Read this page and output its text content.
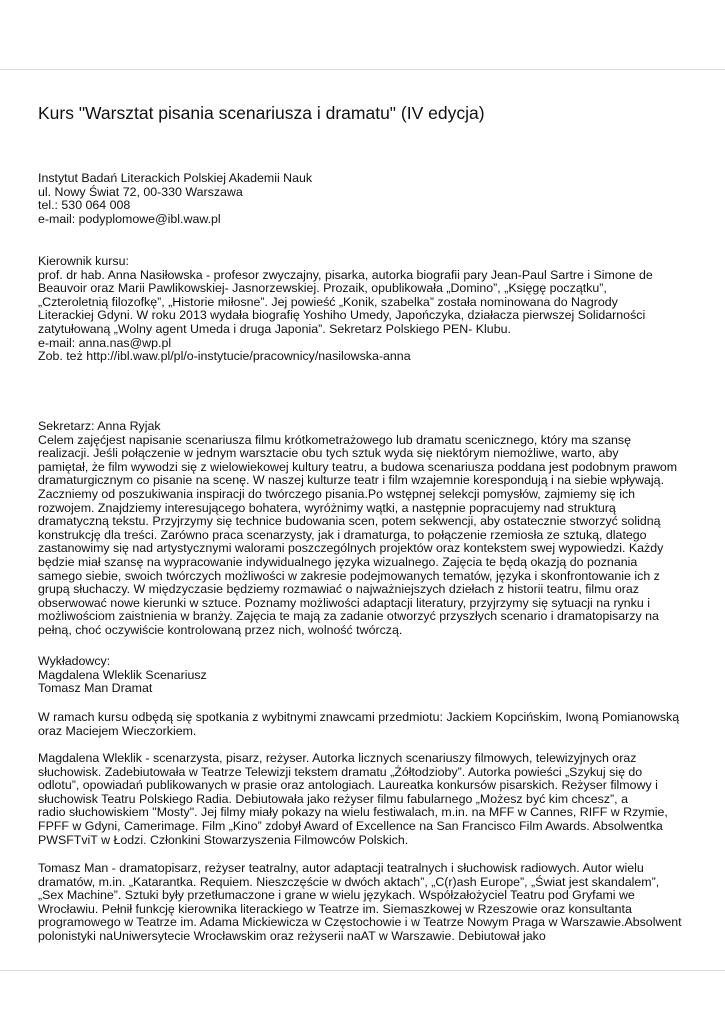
Kurs "Warsztat pisania scenariusza i dramatu" (IV edycja)

Instytut Badań Literackich Polskiej Akademii Nauk

ul. Nowy Świat 72, 00-330 Warszawa

tel.: 530 064 008

e-mail: podyplomowe@ibl.waw.pl

Kierownik kursu:

prof. dr hab. Anna Nasiłowska - profesor zwyczajny, pisarka, autorka biografii pary Jean-Paul Sartre i Simone de

Beauvoir oraz Marii Pawlikowskiej- Jasnorzewskiej. Prozaik, opublikowała „Domino”, „Księgę początku”,

„Czteroletnią filozofkę”, „Historie miłosne”. Jej powieść „Konik, szabelka” została nominowana do Nagrody

Literackiej Gdyni. W roku 2013 wydała biografię Yoshiho Umedy, Japończyka, działacza pierwszej Solidarności

zatytułowaną „Wolny agent Umeda i druga Japonia”. Sekretarz Polskiego PEN- Klubu.

e-mail: anna.nas@wp.pl

Zob. też http://ibl.waw.pl/pl/o-instytucie/pracownicy/nasilowska-anna

Sekretarz: Anna Ryjak

Celem zajęćjest napisanie scenariusza filmu krótkometrażowego lub dramatu scenicznego, który ma szansę

realizacji. Jeśli połączenie w jednym warsztacie obu tych sztuk wyda się niektórym niemożliwe, warto, aby

pamiętał, że film wywodzi się z wielowiekowej kultury teatru, a budowa scenariusza poddana jest podobnym prawom

dramaturgicznym co pisanie na scenę. W naszej kulturze teatr i film wzajemnie korespondują i na siebie wpływają.

Zaczniemy od poszukiwania inspiracji do twórczego pisania.Po wstępnej selekcji pomysłów, zajmiemy się ich

rozwojem. Znajdziemy interesującego bohatera, wyróżnimy wątki, a następnie popracujemy nad strukturą

dramatyczną tekstu. Przyjrzymy się technice budowania scen, potem sekwencji, aby ostatecznie stworzyć solidną

konstrukcję dla treści. Zarówno praca scenarzysty, jak i dramaturga, to połączenie rzemiosła ze sztuką, dlatego

zastanowimy się nad artystycznymi walorami poszczególnych projektów oraz kontekstem swej wypowiedzi. Każdy

będzie miał szansę na wypracowanie indywidualnego języka wizualnego. Zajęcia te będą okazją do poznania

samego siebie, swoich twórczych możliwości w zakresie podejmowanych tematów, języka i skonfrontowanie ich z

grupą słuchaczy. W międzyczasie będziemy rozmawiać o najważniejszych dziełach z historii teatru, filmu oraz

obserwować nowe kierunki w sztuce. Poznamy możliwości adaptacji literatury, przyjrzymy się sytuacji na rynku i

możliwościom zaistnienia w branży. Zajęcia te mają za zadanie otworzyć przyszłych scenario i dramatopisarzy na

pełną, choć oczywiście kontrolowaną przez nich, wolność twórczą.

Wykładowcy:

Magdalena Wleklik Scenariusz

Tomasz Man Dramat

W ramach kursu odbędą się spotkania z wybitnymi znawcami przedmiotu: Jackiem Kopcińskim, Iwoną Pomianowską

oraz Maciejem Wieczorkiem.

Magdalena Wleklik - scenarzysta, pisarz, reżyser. Autorka licznych scenariuszy filmowych, telewizyjnych oraz

słuchowisk. Zadebiutowała w Teatrze Telewizji tekstem dramatu „Żółtodzioby”. Autorka powieści „Szykuj się do

odlotu”, opowiadań publikowanych w prasie oraz antologiach. Laureatka konkursów pisarskich. Reżyser filmowy i

słuchowisk Teatru Polskiego Radia. Debiutowała jako reżyser filmu fabularnego „Możesz być kim chcesz”, a

radio słuchowiskiem "Mosty". Jej filmy miały pokazy na wielu festiwalach, m.in. na MFF w Cannes, RIFF w Rzymie,

FPFF w Gdyni, Camerimage. Film „Kino” zdobył Award of Excellence na San Francisco Film Awards. Absolwentka

PWSFTviT w Łodzi. Członkini Stowarzyszenia Filmowców Polskich.

Tomasz Man - dramatopisarz, reżyser teatralny, autor adaptacji teatralnych i słuchowisk radiowych. Autor wielu

dramatów, m.in. „Katarantka. Requiem. Nieszczęście w dwóch aktach”, „C(r)ash Europe”, „Świat jest skandalem”,

„Sex Machine”. Sztuki były przetłumaczone i grane w wielu językach. Współzałożyciel Teatru pod Gryfami we

Wrocławiu. Pełnił funkcję kierownika literackiego w Teatrze im. Siemaszkowej w Rzeszowie oraz konsultanta

programowego w Teatrze im. Adama Mickiewicza w Częstochowie i w Teatrze Nowym Praga w Warszawie.Absolwent

polonistyki naUniwersytecie Wrocławskim oraz reżyserii naAT w Warszawie. Debiutował jako
